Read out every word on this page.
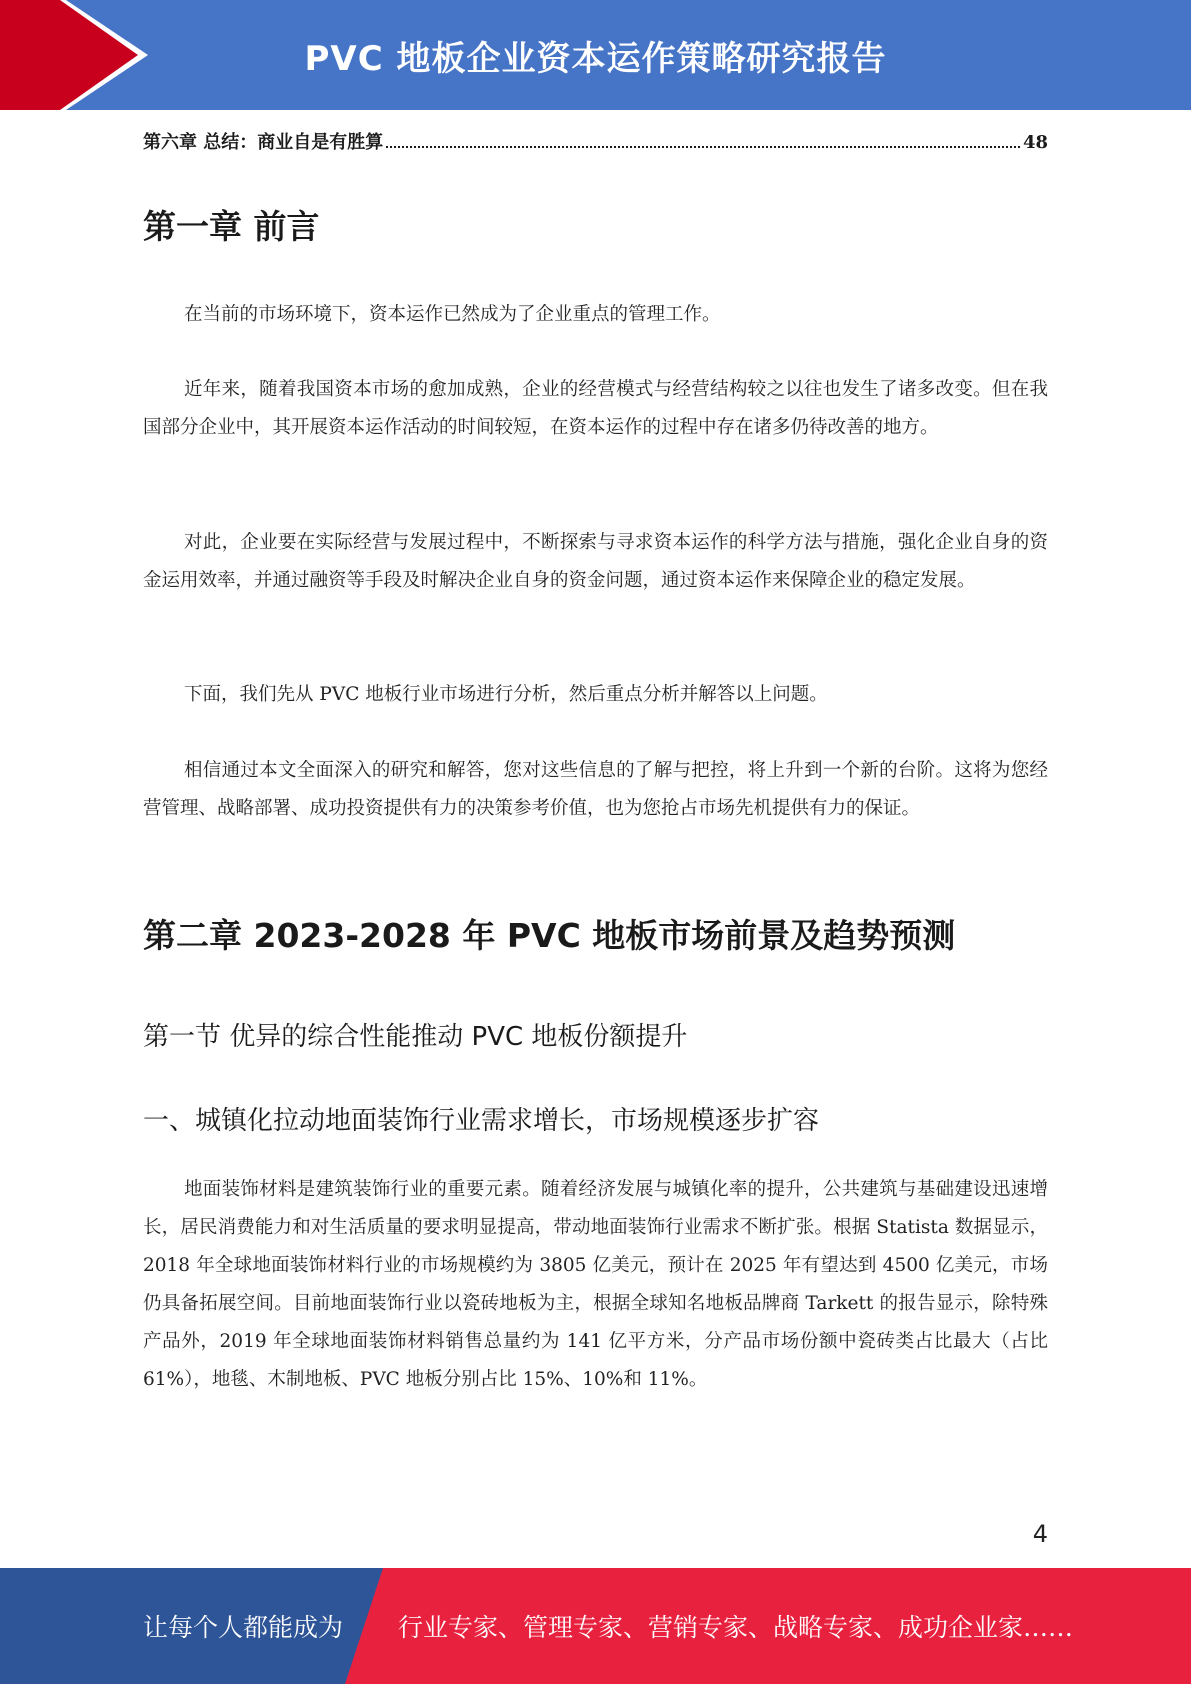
PVC 地板企业资本运作策略研究报告
第六章 总结：商业自是有胜算	48
第一章 前言

在当前的市场环境下，资本运作已然成为了企业重点的管理工作。

近年来，随着我国资本市场的愈加成熟，企业的经营模式与经营结构较之以往也发生了诸多改变。但在我国部分企业中，其开展资本运作活动的时间较短，在资本运作的过程中存在诸多仍待改善的地方。

对此，企业要在实际经营与发展过程中，不断探索与寻求资本运作的科学方法与措施，强化企业自身的资金运用效率，并通过融资等手段及时解决企业自身的资金问题，通过资本运作来保障企业的稳定发展。

下面，我们先从 PVC 地板行业市场进行分析，然后重点分析并解答以上问题。

相信通过本文全面深入的研究和解答，您对这些信息的了解与把控，将上升到一个新的台阶。这将为您经营管理、战略部署、成功投资提供有力的决策参考价值，也为您抢占市场先机提供有力的保证。

第二章 2023-2028 年 PVC 地板市场前景及趋势预测
第一节 优异的综合性能推动 PVC 地板份额提升
一、城镇化拉动地面装饰行业需求增长，市场规模逐步扩容

地面装饰材料是建筑装饰行业的重要元素。随着经济发展与城镇化率的提升，公共建筑与基础建设迅速增长，居民消费能力和对生活质量的要求明显提高，带动地面装饰行业需求不断扩张。根据 Statista 数据显示，2018 年全球地面装饰材料行业的市场规模约为 3805 亿美元，预计在 2025 年有望达到 4500 亿美元，市场仍具备拓展空间。目前地面装饰行业以瓷砖地板为主，根据全球知名地板品牌商 Tarkett 的报告显示，除特殊产品外，2019 年全球地面装饰材料销售总量约为 141 亿平方米，分产品市场份额中瓷砖类占比最大（占比 61%），地毯、木制地板、PVC 地板分别占比 15%、10%和 11%。

4
让每个人都能成为 行业专家、管理专家、营销专家、战略专家、成功企业家……
